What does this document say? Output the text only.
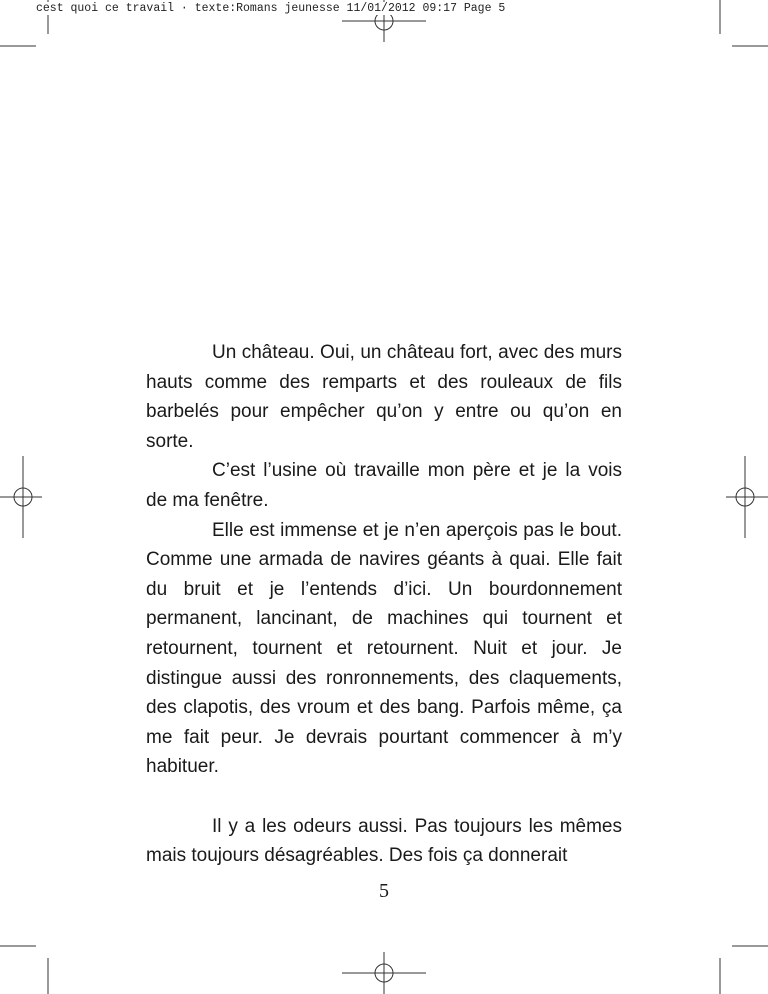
cest quoi ce travail · texte:Romans jeunesse 11/01/2012 09:17 Page 5

Un château. Oui, un château fort, avec des murs hauts comme des remparts et des rouleaux de fils barbelés pour empêcher qu’on y entre ou qu’on en sorte.

C’est l’usine où travaille mon père et je la vois de ma fenêtre.

Elle est immense et je n’en aperçois pas le bout. Comme une armada de navires géants à quai. Elle fait du bruit et je l’entends d’ici. Un bourdonnement permanent, lancinant, de machines qui tournent et retournent, tournent et retournent. Nuit et jour. Je distingue aussi des ronronnements, des claquements, des clapotis, des vroum et des bang. Parfois même, ça me fait peur. Je devrais pourtant commencer à m’y habituer.

Il y a les odeurs aussi. Pas toujours les mêmes mais toujours désagréables. Des fois ça donnerait

5
